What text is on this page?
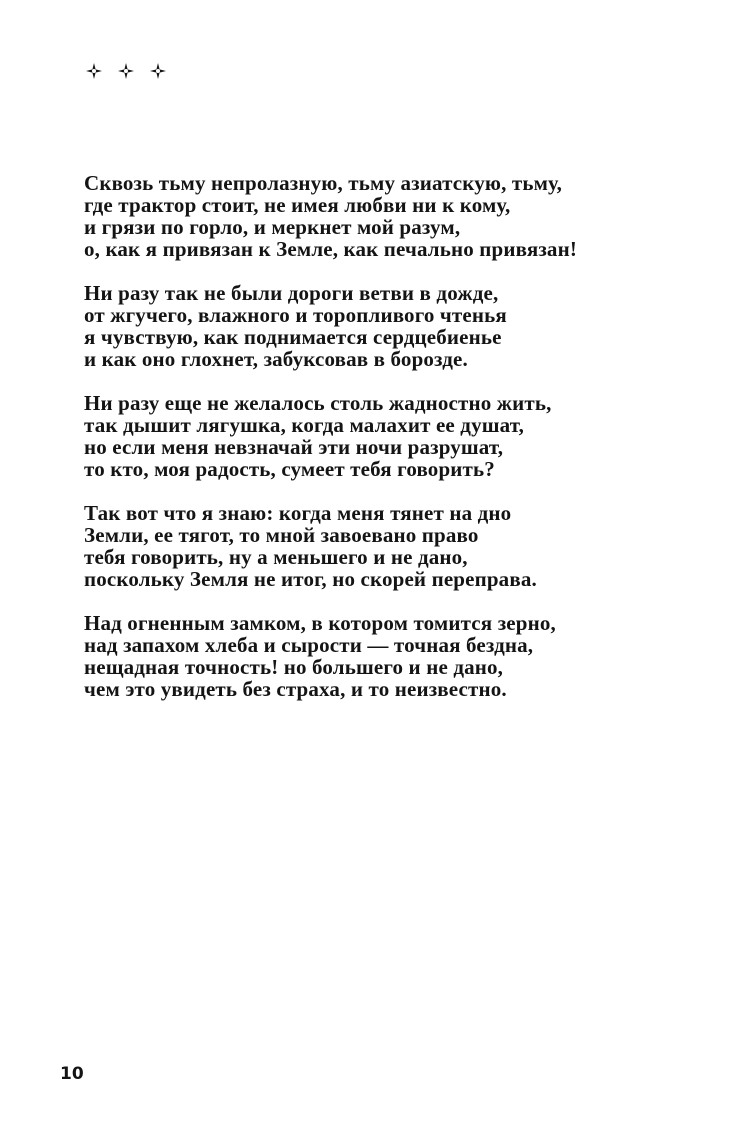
Сквозь тьму непролазную, тьму азиатскую, тьму,
где трактор стоит, не имея любви ни к кому,
и грязи по горло, и меркнет мой разум,
о, как я привязан к Земле, как печально привязан!
Ни разу так не были дороги ветви в дожде,
от жгучего, влажного и торопливого чтенья
я чувствую, как поднимается сердцебиенье
и как оно глохнет, забуксовав в борозде.
Ни разу еще не желалось столь жадностно жить,
так дышит лягушка, когда малахит ее душат,
но если меня невзначай эти ночи разрушат,
то кто, моя радость, сумеет тебя говорить?
Так вот что я знаю: когда меня тянет на дно
Земли, ее тягот, то мной завоевано право
тебя говорить, ну а меньшего и не дано,
поскольку Земля не итог, но скорей переправа.
Над огненным замком, в котором томится зерно,
над запахом хлеба и сырости — точная бездна,
нещадная точность! но большего и не дано,
чем это увидеть без страха, и то неизвестно.
10
